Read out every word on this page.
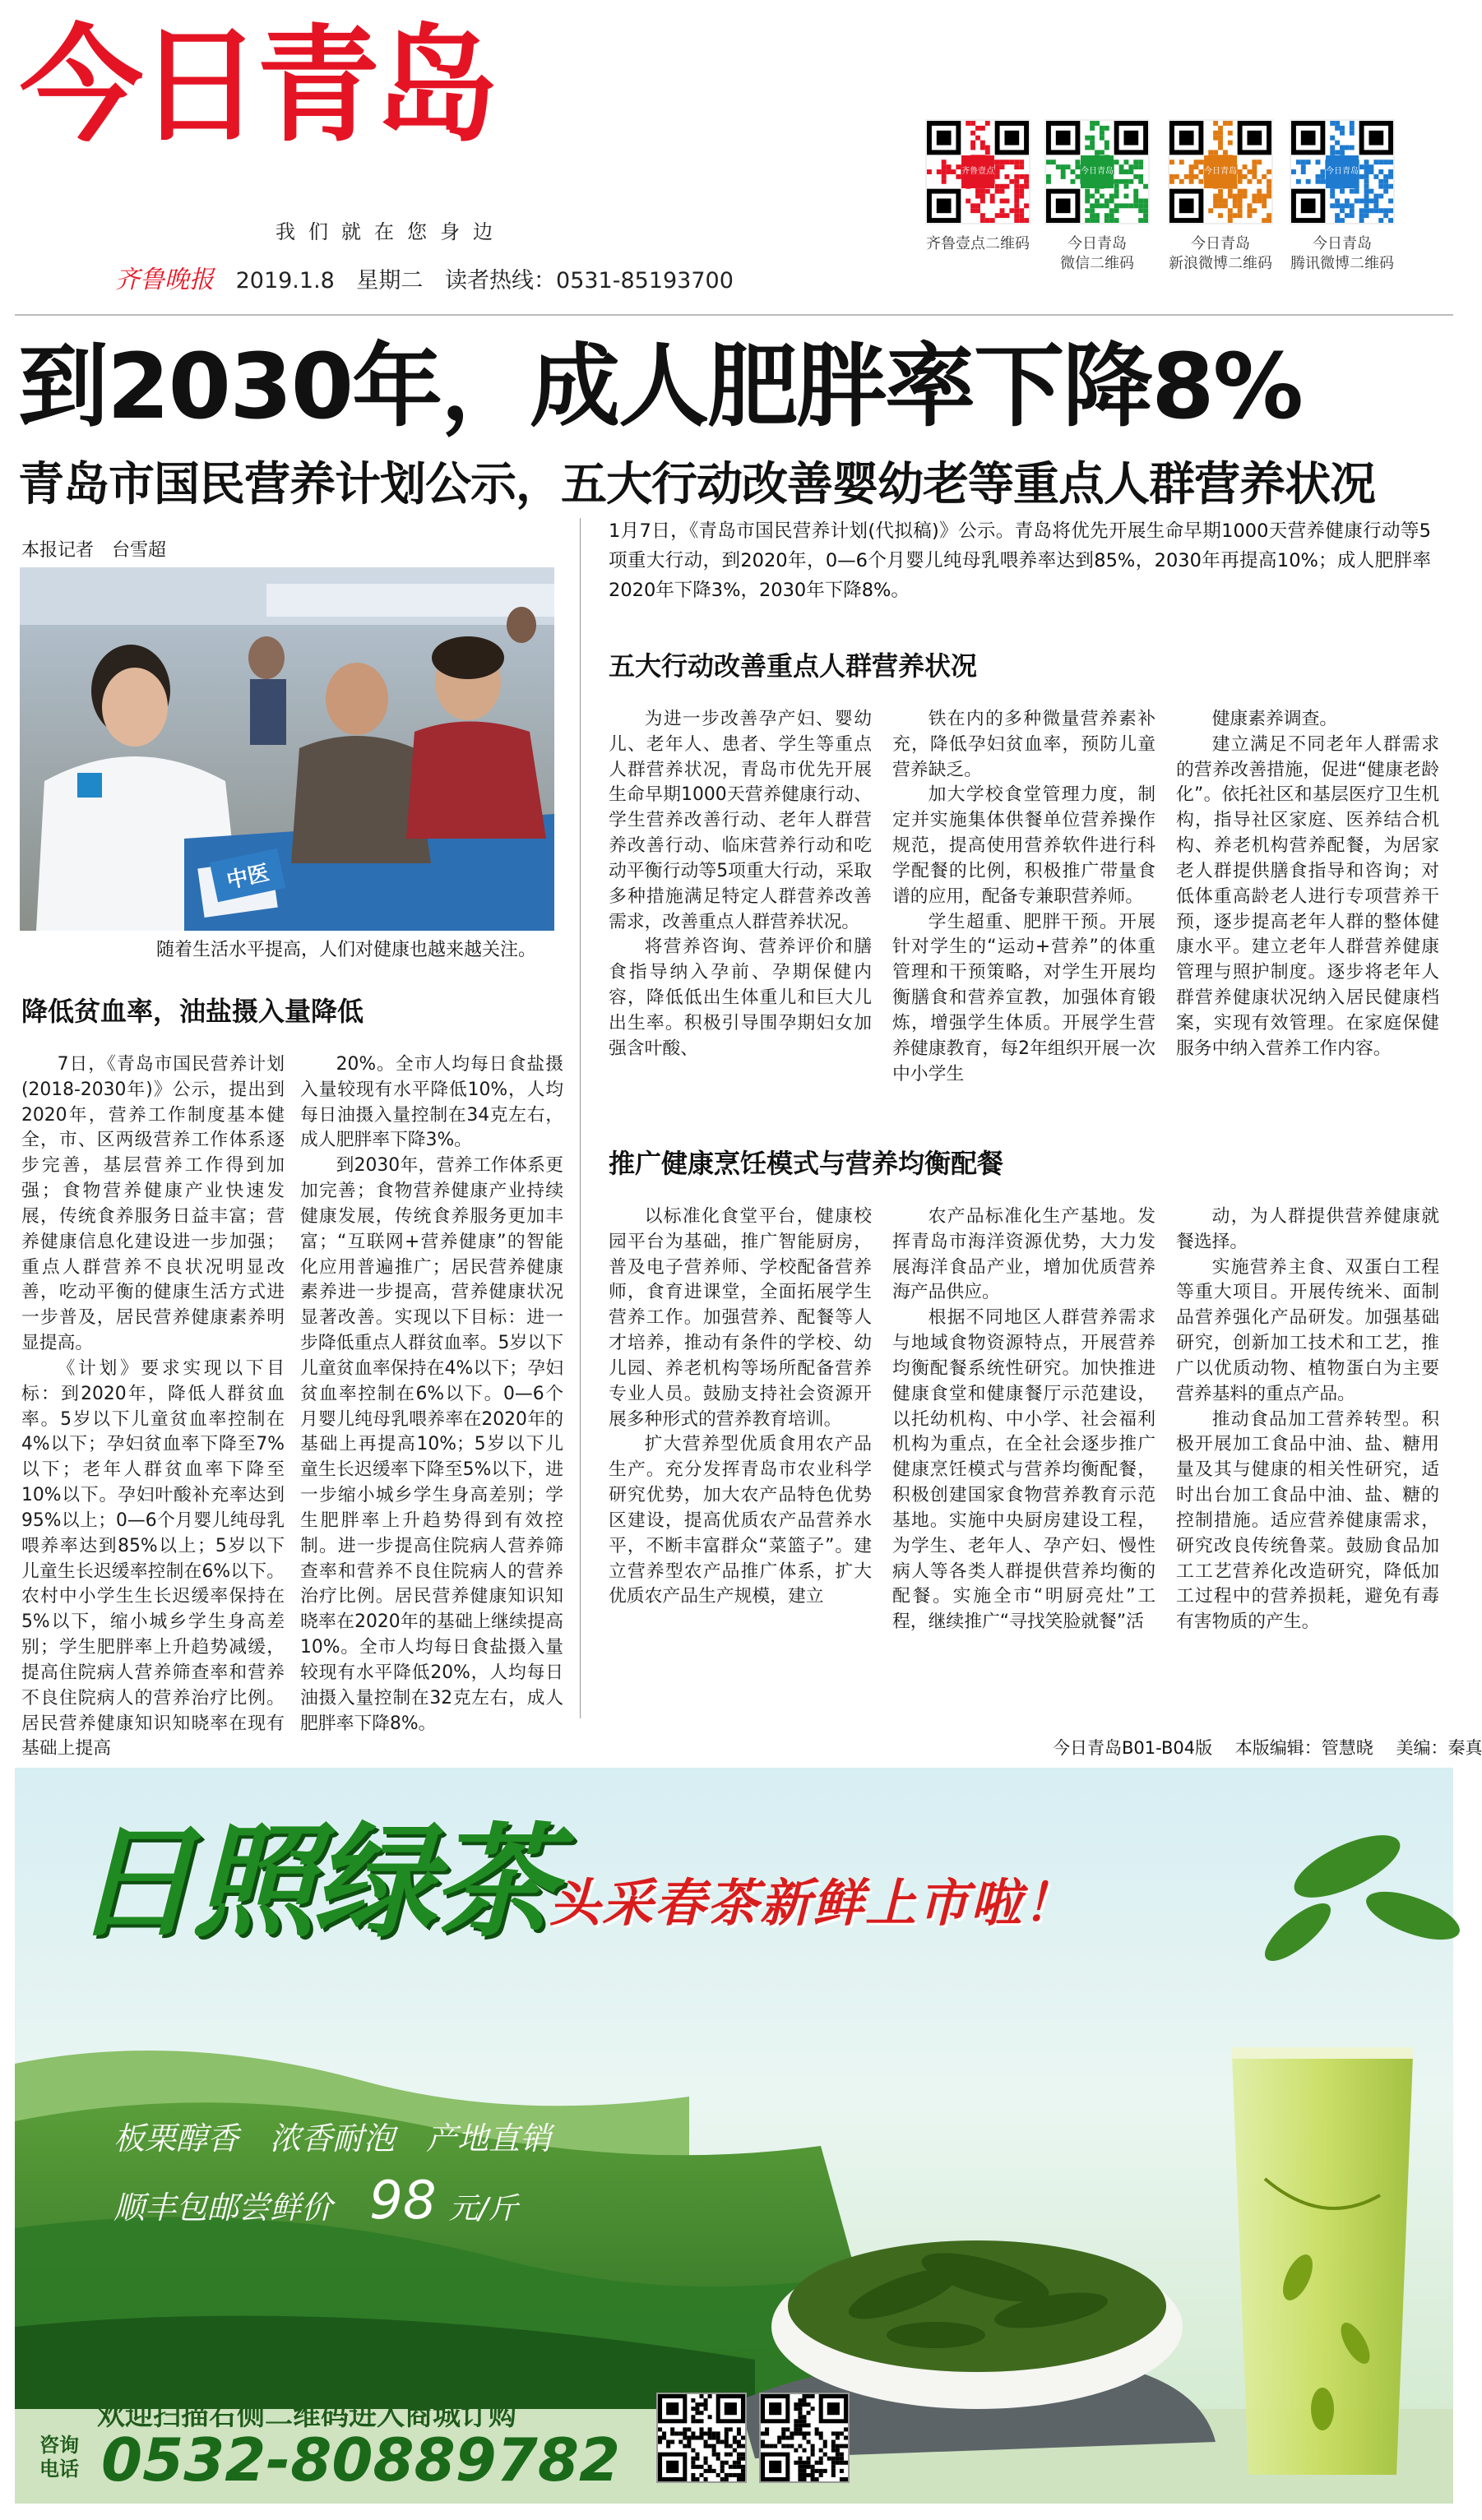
今日青岛
我们就在您身边
齐鲁晚报 2019.1.8 星期二 读者热线：0531-85193700
齐鲁壹点
齐鲁壹点二维码
今日青岛
今日青岛
微信二维码
今日青岛
今日青岛
新浪微博二维码
今日青岛
今日青岛
腾讯微博二维码
到2030年，成人肥胖率下降8%
青岛市国民营养计划公示，五大行动改善婴幼老等重点人群营养状况
本报记者　台雪超
中医
随着生活水平提高，人们对健康也越来越关注。
1月7日，《青岛市国民营养计划(代拟稿)》公示。青岛将优先开展生命早期1000天营养健康行动等5项重大行动，到2020年，0—6个月婴儿纯母乳喂养率达到85%，2030年再提高10%；成人肥胖率2020年下降3%，2030年下降8%。
降低贫血率，油盐摄入量降低

7日，《青岛市国民营养计划(2018-2030年)》公示，提出到2020年，营养工作制度基本健全，市、区两级营养工作体系逐步完善，基层营养工作得到加强；食物营养健康产业快速发展，传统食养服务日益丰富；营养健康信息化建设进一步加强；重点人群营养不良状况明显改善，吃动平衡的健康生活方式进一步普及，居民营养健康素养明显提高。

《计划》要求实现以下目标：到2020年，降低人群贫血率。5岁以下儿童贫血率控制在4%以下；孕妇贫血率下降至7%以下；老年人群贫血率下降至10%以下。孕妇叶酸补充率达到95%以上；0—6个月婴儿纯母乳喂养率达到85%以上；5岁以下儿童生长迟缓率控制在6%以下。农村中小学生生长迟缓率保持在5%以下，缩小城乡学生身高差别；学生肥胖率上升趋势减缓，提高住院病人营养筛查率和营养不良住院病人的营养治疗比例。居民营养健康知识知晓率在现有基础上提高

20%。全市人均每日食盐摄入量较现有水平降低10%，人均每日油摄入量控制在34克左右，成人肥胖率下降3%。

到2030年，营养工作体系更加完善；食物营养健康产业持续健康发展，传统食养服务更加丰富；“互联网+营养健康”的智能化应用普遍推广；居民营养健康素养进一步提高，营养健康状况显著改善。实现以下目标：进一步降低重点人群贫血率。5岁以下儿童贫血率保持在4%以下；孕妇贫血率控制在6%以下。0—6个月婴儿纯母乳喂养率在2020年的基础上再提高10%；5岁以下儿童生长迟缓率下降至5%以下，进一步缩小城乡学生身高差别；学生肥胖率上升趋势得到有效控制。进一步提高住院病人营养筛查率和营养不良住院病人的营养治疗比例。居民营养健康知识知晓率在2020年的基础上继续提高10%。全市人均每日食盐摄入量较现有水平降低20%，人均每日油摄入量控制在32克左右，成人肥胖率下降8%。

五大行动改善重点人群营养状况

为进一步改善孕产妇、婴幼儿、老年人、患者、学生等重点人群营养状况，青岛市优先开展生命早期1000天营养健康行动、学生营养改善行动、老年人群营养改善行动、临床营养行动和吃动平衡行动等5项重大行动，采取多种措施满足特定人群营养改善需求，改善重点人群营养状况。

将营养咨询、营养评价和膳食指导纳入孕前、孕期保健内容，降低低出生体重儿和巨大儿出生率。积极引导围孕期妇女加强含叶酸、

铁在内的多种微量营养素补充，降低孕妇贫血率，预防儿童营养缺乏。

加大学校食堂管理力度，制定并实施集体供餐单位营养操作规范，提高使用营养软件进行科学配餐的比例，积极推广带量食谱的应用，配备专兼职营养师。

学生超重、肥胖干预。开展针对学生的“运动+营养”的体重管理和干预策略，对学生开展均衡膳食和营养宣教，加强体育锻炼，增强学生体质。开展学生营养健康教育，每2年组织开展一次中小学生

健康素养调查。

建立满足不同老年人群需求的营养改善措施，促进“健康老龄化”。依托社区和基层医疗卫生机构，指导社区家庭、医养结合机构、养老机构营养配餐，为居家老人群提供膳食指导和咨询；对低体重高龄老人进行专项营养干预，逐步提高老年人群的整体健康水平。建立老年人群营养健康管理与照护制度。逐步将老年人群营养健康状况纳入居民健康档案，实现有效管理。在家庭保健服务中纳入营养工作内容。

推广健康烹饪模式与营养均衡配餐

以标准化食堂平台，健康校园平台为基础，推广智能厨房，普及电子营养师、学校配备营养师，食育进课堂，全面拓展学生营养工作。加强营养、配餐等人才培养，推动有条件的学校、幼儿园、养老机构等场所配备营养专业人员。鼓励支持社会资源开展多种形式的营养教育培训。

扩大营养型优质食用农产品生产。充分发挥青岛市农业科学研究优势，加大农产品特色优势区建设，提高优质农产品营养水平，不断丰富群众“菜篮子”。建立营养型农产品推广体系，扩大优质农产品生产规模，建立

农产品标准化生产基地。发挥青岛市海洋资源优势，大力发展海洋食品产业，增加优质营养海产品供应。

根据不同地区人群营养需求与地域食物资源特点，开展营养均衡配餐系统性研究。加快推进健康食堂和健康餐厅示范建设，以托幼机构、中小学、社会福利机构为重点，在全社会逐步推广健康烹饪模式与营养均衡配餐，积极创建国家食物营养教育示范基地。实施中央厨房建设工程，为学生、老年人、孕产妇、慢性病人等各类人群提供营养均衡的配餐。实施全市“明厨亮灶”工程，继续推广“寻找笑脸就餐”活

动，为人群提供营养健康就餐选择。

实施营养主食、双蛋白工程等重大项目。开展传统米、面制品营养强化产品研发。加强基础研究，创新加工技术和工艺，推广以优质动物、植物蛋白为主要营养基料的重点产品。

推动食品加工营养转型。积极开展加工食品中油、盐、糖用量及其与健康的相关性研究，适时出台加工食品中油、盐、糖的控制措施。适应营养健康需求，研究改良传统鲁菜。鼓励食品加工工艺营养化改造研究，降低加工过程中的营养损耗，避免有毒有害物质的产生。

今日青岛B01-B04版　 本版编辑：管慧晓　 美编：秦真
日照绿茶
头采春茶新鲜上市啦！
板栗醇香　浓香耐泡　产地直销
顺丰包邮尝鲜价 98 元/斤
欢迎扫描右侧二维码进入商城订购
咨询
电话 0532-80889782
